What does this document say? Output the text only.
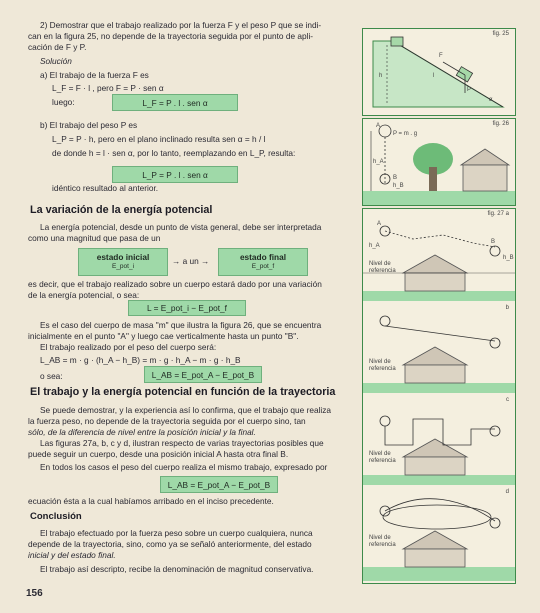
2) Demostrar que el trabajo realizado por la fuerza F y el peso P que se indi-
can en la figura 25, no depende de la trayectoria seguida por el punto de apli-
cación de F y P.
Solución
a) El trabajo de la fuerza F es
L_F = F · l , pero F = P · sen α
luego:	L_F = P . l . sen α
b) El trabajo del peso P es
L_P = P · h, pero en el plano inclinado resulta sen α = h / l
de donde h = l · sen α, por lo tanto, reemplazando en L_P, resulta:
L_P = P . l . sen α
idéntico resultado al anterior.
La variación de la energía potencial
La energía potencial, desde un punto de vista general, debe ser interpretada
como una magnitud que pasa de un
estado inicial
E_pot_i
→ a un →	estado final
E_pot_f
es decir, que el trabajo realizado sobre un cuerpo estará dado por una variación
de la energía potencial, o sea:
L = E_pot_i − E_pot_f
Es el caso del cuerpo de masa "m" que ilustra la figura 26, que se encuentra
inicialmente en el punto "A" y luego cae verticalmente hasta un punto "B".
El trabajo realizado por el peso del cuerpo será:
L_AB = m · g · (h_A − h_B) = m · g · h_A − m · g · h_B
o sea:	L_AB = E_pot_A − E_pot_B
El trabajo y la energía potencial en función de la trayectoria
Se puede demostrar, y la experiencia así lo confirma, que el trabajo que realiza
la fuerza peso, no depende de la trayectoria seguida por el cuerpo sino, tan
sólo, de la diferencia de nivel entre la posición inicial y la final.
Las figuras 27a, b, c y d, ilustran respecto de varias trayectorias posibles que
puede seguir un cuerpo, desde una posición inicial A hasta otra final B.
En todos los casos el peso del cuerpo realiza el mismo trabajo, expresado por
L_AB = E_pot_A − E_pot_B
ecuación ésta a la cual habíamos arribado en el inciso precedente.
Conclusión
El trabajo efectuado por la fuerza peso sobre un cuerpo cualquiera, nunca
depende de la trayectoria, sino, como ya se señaló anteriormente, del estado
inicial y del estado final.
El trabajo así descripto, recibe la denominación de magnitud conservativa.
156
fig. 25
F
P
h	l
α
fig. 26
A
P = m . g
h_A
B
h_B
fig. 27 a
b
c
d
A
B
h_A
h_B
Nivel de
referencia
Nivel de
referencia
Nivel de
referencia
Nivel de
referencia
